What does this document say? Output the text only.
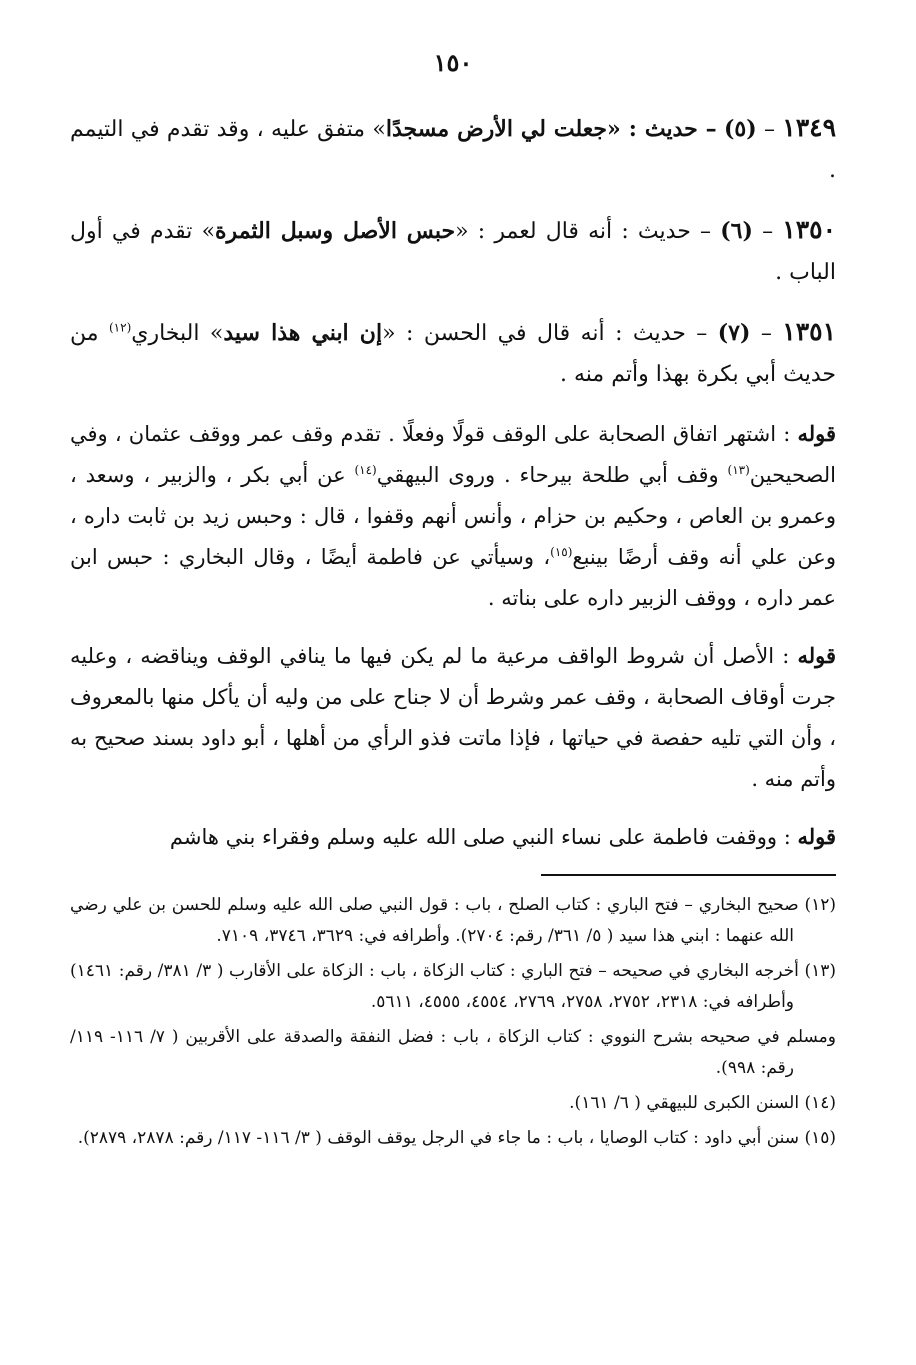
١٥٠

١٣٤٩ – (٥) – حديث : «جعلت لي الأرض مسجدًا» متفق عليه ، وقد تقدم في التيمم .

١٣٥٠ – (٦) – حديث : أنه قال لعمر : «حبس الأصل وسبل الثمرة» تقدم في أول الباب .

١٣٥١ – (٧) – حديث : أنه قال في الحسن : «إن ابني هذا سيد» البخاري$^{(١٢)}$ من حديث أبي بكرة بهذا وأتم منه .

قوله : اشتهر اتفاق الصحابة على الوقف قولًا وفعلًا . تقدم وقف عمر ووقف عثمان ، وفي الصحيحين$^{(١٣)}$ وقف أبي طلحة بيرحاء . وروى البيهقي$^{(١٤)}$ عن أبي بكر ، والزبير ، وسعد ، وعمرو بن العاص ، وحكيم بن حزام ، وأنس أنهم وقفوا ، قال : وحبس زيد بن ثابت داره ، وعن علي أنه وقف أرضًا بينبع$^{(١٥)}$، وسيأتي عن فاطمة أيضًا ، وقال البخاري : حبس ابن عمر داره ، ووقف الزبير داره على بناته .

قوله : الأصل أن شروط الواقف مرعية ما لم يكن فيها ما ينافي الوقف ويناقضه ، وعليه جرت أوقاف الصحابة ، وقف عمر وشرط أن لا جناح على من وليه أن يأكل منها بالمعروف ، وأن التي تليه حفصة في حياتها ، فإذا ماتت فذو الرأي من أهلها ، أبو داود بسند صحيح به وأتم منه .

قوله : ووقفت فاطمة على نساء النبي صلى الله عليه وسلم وفقراء بني هاشم

(١٢) صحيح البخاري – فتح الباري : كتاب الصلح ، باب : قول النبي صلى الله عليه وسلم للحسن بن علي رضي الله عنهما : ابني هذا سيد ( ٥/ ٣٦١/ رقم: ٢٧٠٤). وأطرافه في: ٣٦٢٩، ٣٧٤٦، ٧١٠٩.

(١٣) أخرجه البخاري في صحيحه – فتح الباري : كتاب الزكاة ، باب : الزكاة على الأقارب ( ٣/ ٣٨١/ رقم: ١٤٦١) وأطرافه في: ٢٣١٨، ٢٧٥٢، ٢٧٥٨، ٢٧٦٩، ٤٥٥٤، ٤٥٥٥، ٥٦١١.

ومسلم في صحيحه بشرح النووي : كتاب الزكاة ، باب : فضل النفقة والصدقة على الأقربين ( ٧/ ١١٦- ١١٩/ رقم: ٩٩٨).

(١٤) السنن الكبرى للبيهقي ( ٦/ ١٦١).

(١٥) سنن أبي داود : كتاب الوصايا ، باب : ما جاء في الرجل يوقف الوقف ( ٣/ ١١٦- ١١٧/ رقم: ٢٨٧٨، ٢٨٧٩).
